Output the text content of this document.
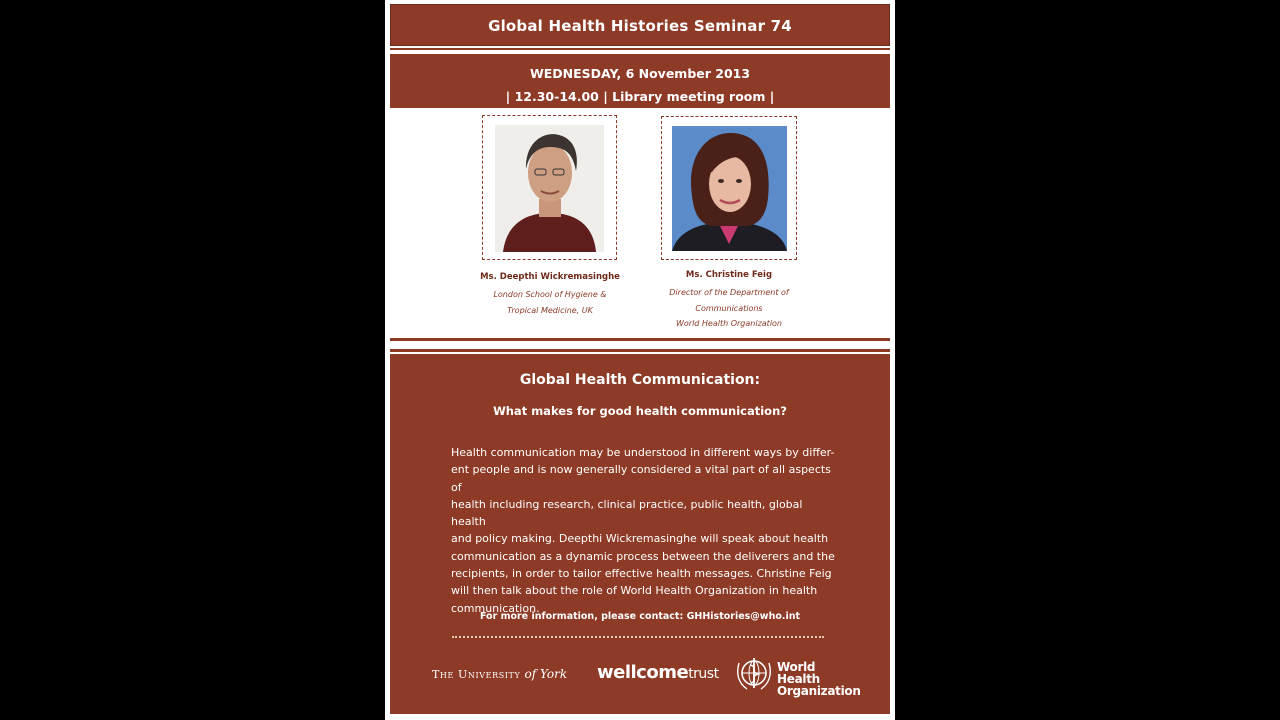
Global Health Histories Seminar 74
WEDNESDAY, 6 November 2013
| 12.30-14.00 | Library meeting room |
Ms. Deepthi Wickremasinghe
London School of Hygiene &
Tropical Medicine, UK
Ms. Christine Feig
Director of the Department of
Communications
World Health Organization
Global Health Communication:
What makes for good health communication?
Health communication may be understood in different ways by differ-
ent people and is now generally considered a vital part of all aspects of
health including research, clinical practice, public health, global health
and policy making. Deepthi Wickremasinghe will speak about health
communication as a dynamic process between the deliverers and the
recipients, in order to tailor effective health messages. Christine Feig
will then talk about the role of World Health Organization in health
communication.
For more information, please contact: GHHistories@who.int
The University of York wellcometrust	World Health
Organization
